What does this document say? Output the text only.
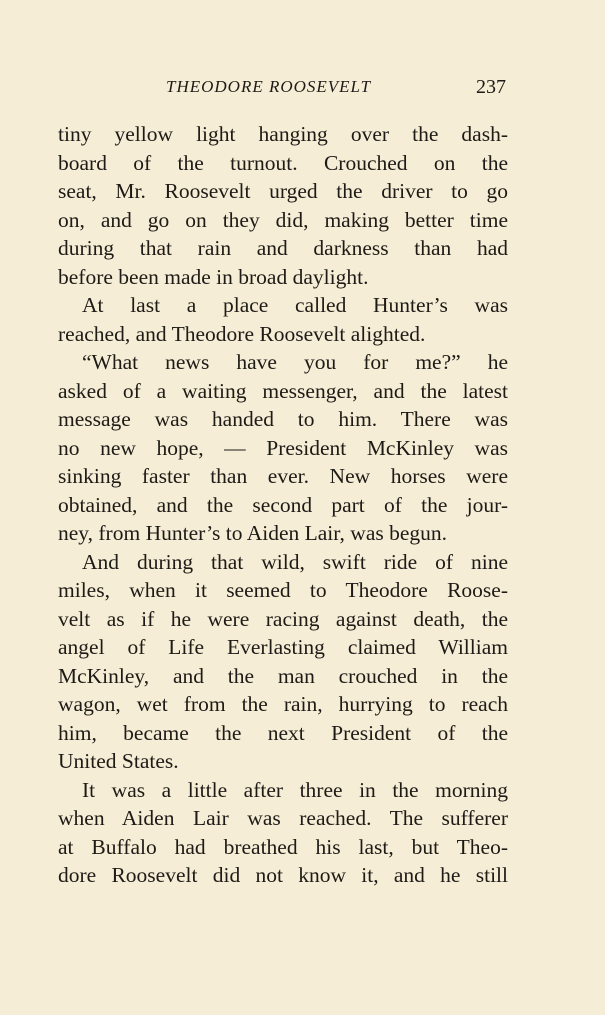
THEODORE ROOSEVELT	237
tiny yellow light hanging over the dash-
board of the turnout. Crouched on the
seat, Mr. Roosevelt urged the driver to go
on, and go on they did, making better time
during that rain and darkness than had
before been made in broad daylight.
At last a place called Hunter’s was
reached, and Theodore Roosevelt alighted.
“What news have you for me?” he
asked of a waiting messenger, and the latest
message was handed to him. There was
no new hope, — President McKinley was
sinking faster than ever. New horses were
obtained, and the second part of the jour-
ney, from Hunter’s to Aiden Lair, was begun.
And during that wild, swift ride of nine
miles, when it seemed to Theodore Roose-
velt as if he were racing against death, the
angel of Life Everlasting claimed William
McKinley, and the man crouched in the
wagon, wet from the rain, hurrying to reach
him, became the next President of the
United States.
It was a little after three in the morning
when Aiden Lair was reached. The sufferer
at Buffalo had breathed his last, but Theo-
dore Roosevelt did not know it, and he still
